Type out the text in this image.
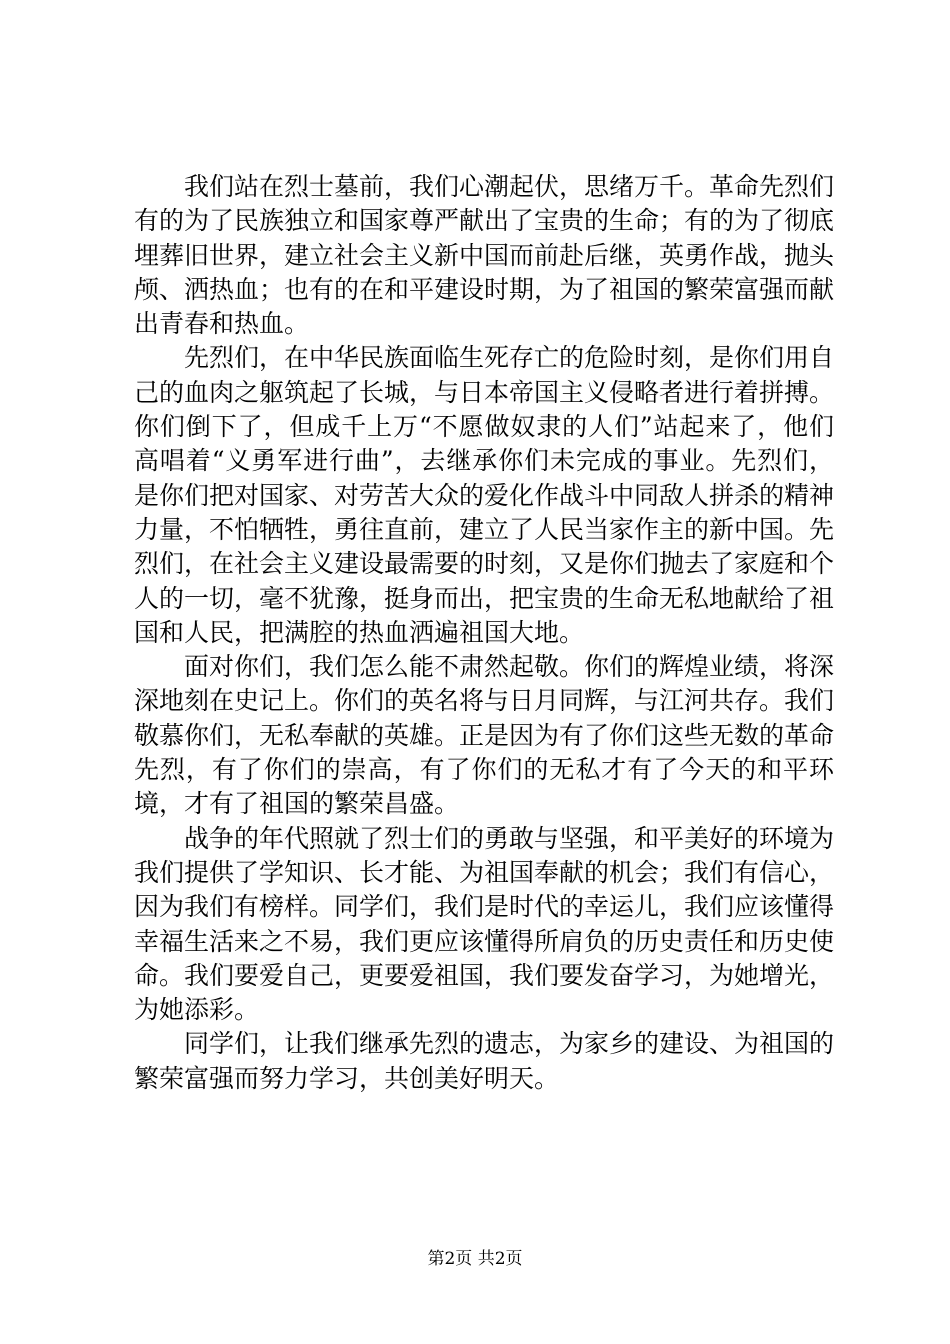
我们站在烈士墓前，我们心潮起伏，思绪万千。革命先烈们有的为了民族独立和国家尊严献出了宝贵的生命；有的为了彻底埋葬旧世界，建立社会主义新中国而前赴后继，英勇作战，抛头颅、洒热血；也有的在和平建设时期，为了祖国的繁荣富强而献出青春和热血。

先烈们，在中华民族面临生死存亡的危险时刻，是你们用自己的血肉之躯筑起了长城，与日本帝国主义侵略者进行着拼搏。你们倒下了，但成千上万“不愿做奴隶的人们”站起来了，他们高唱着“义勇军进行曲”，去继承你们未完成的事业。先烈们，是你们把对国家、对劳苦大众的爱化作战斗中同敌人拼杀的精神力量，不怕牺牲，勇往直前，建立了人民当家作主的新中国。先烈们，在社会主义建设最需要的时刻，又是你们抛去了家庭和个人的一切，毫不犹豫，挺身而出，把宝贵的生命无私地献给了祖国和人民，把满腔的热血洒遍祖国大地。

面对你们，我们怎么能不肃然起敬。你们的辉煌业绩，将深深地刻在史记上。你们的英名将与日月同辉，与江河共存。我们敬慕你们，无私奉献的英雄。正是因为有了你们这些无数的革命先烈，有了你们的崇高，有了你们的无私才有了今天的和平环境，才有了祖国的繁荣昌盛。

战争的年代照就了烈士们的勇敢与坚强，和平美好的环境为我们提供了学知识、长才能、为祖国奉献的机会；我们有信心，因为我们有榜样。同学们，我们是时代的幸运儿，我们应该懂得幸福生活来之不易，我们更应该懂得所肩负的历史责任和历史使命。我们要爱自己，更要爱祖国，我们要发奋学习，为她增光，为她添彩。

同学们，让我们继承先烈的遗志，为家乡的建设、为祖国的繁荣富强而努力学习，共创美好明天。

第2页 共2页
